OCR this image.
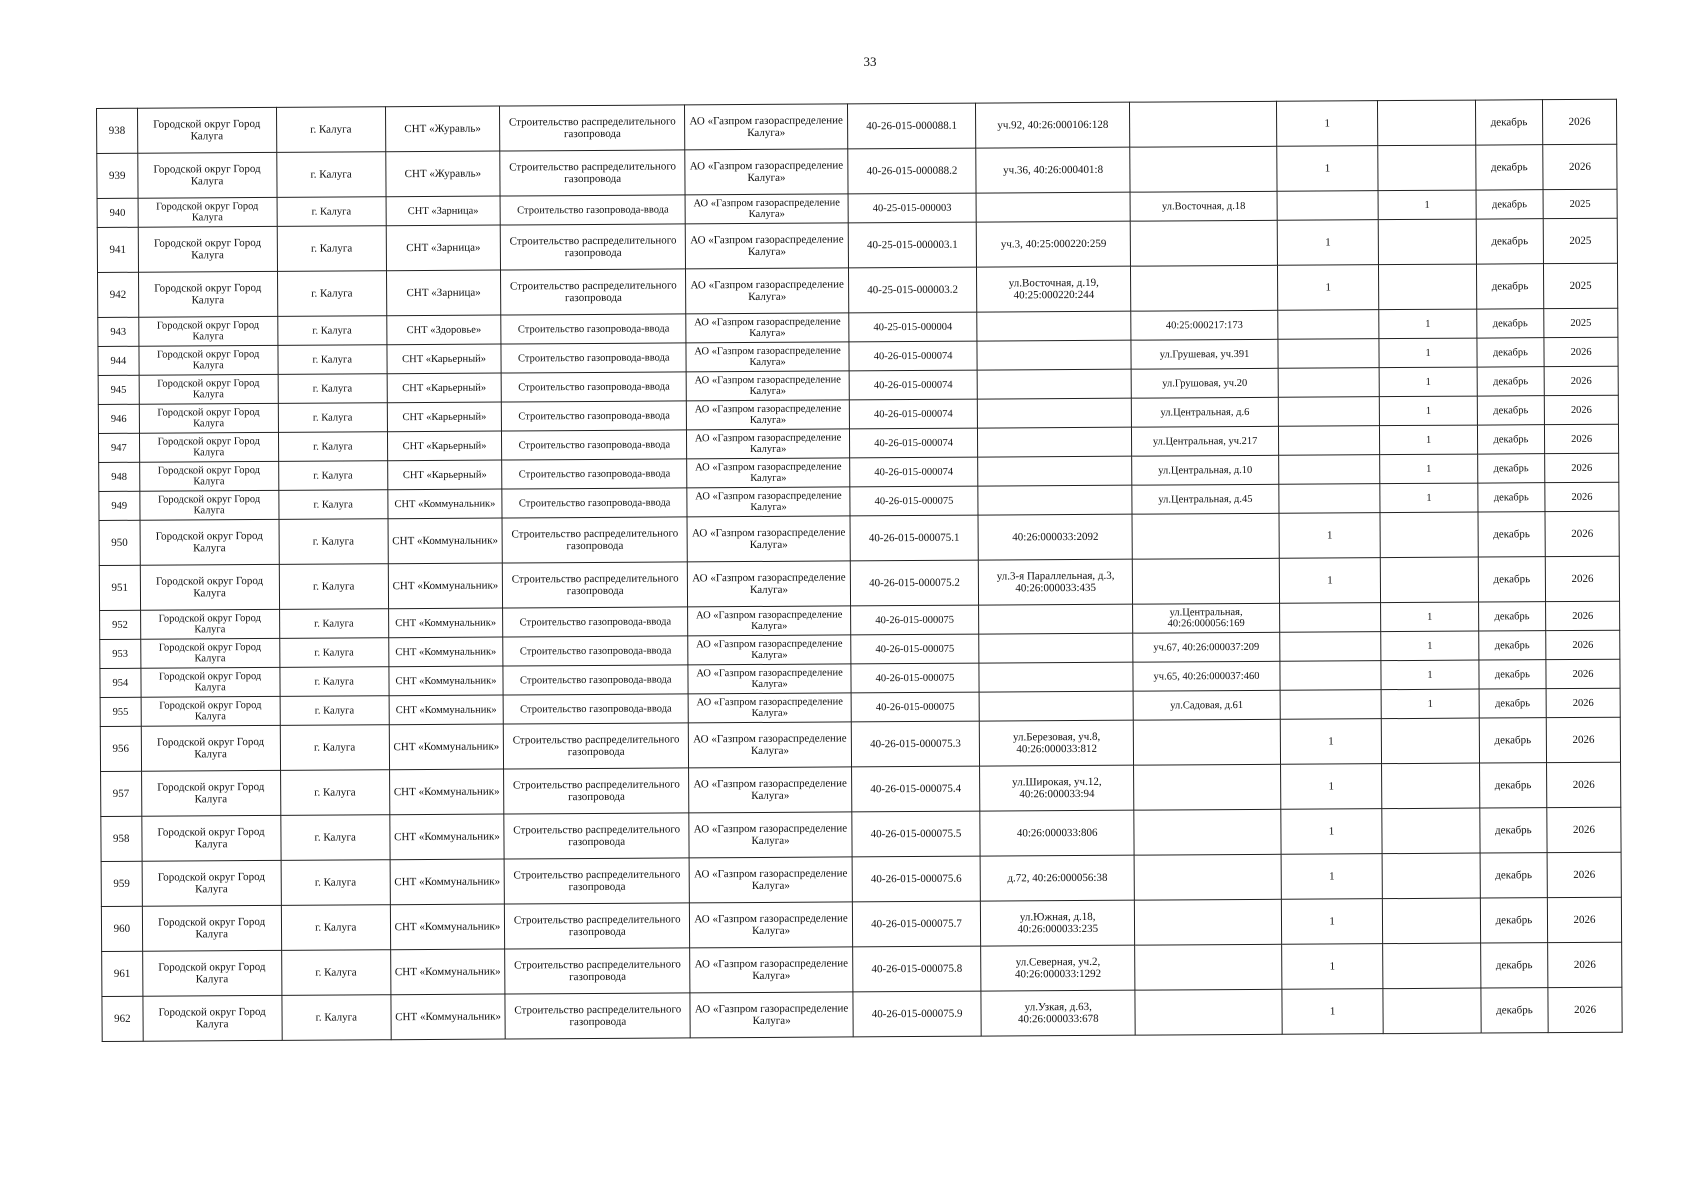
33
938	Городской округ Город Калуга	г. Калуга	СНТ «Журавль»	Строительство распределительного газопровода	АО «Газпром газораспределение Калуга»	40-26-015-000088.1	уч.92, 40:26:000106:128		1		декабрь	2026
939	Городской округ Город Калуга	г. Калуга	СНТ «Журавль»	Строительство распределительного газопровода	АО «Газпром газораспределение Калуга»	40-26-015-000088.2	уч.36, 40:26:000401:8		1		декабрь	2026
940	Городской округ Город Калуга	г. Калуга	СНТ «Зарница»	Строительство газопровода-ввода	АО «Газпром газораспределение Калуга»	40-25-015-000003		ул.Восточная, д.18		1	декабрь	2025
941	Городской округ Город Калуга	г. Калуга	СНТ «Зарница»	Строительство распределительного газопровода	АО «Газпром газораспределение Калуга»	40-25-015-000003.1	уч.3, 40:25:000220:259		1		декабрь	2025
942	Городской округ Город Калуга	г. Калуга	СНТ «Зарница»	Строительство распределительного газопровода	АО «Газпром газораспределение Калуга»	40-25-015-000003.2	ул.Восточная, д.19, 40:25:000220:244		1		декабрь	2025
943	Городской округ Город Калуга	г. Калуга	СНТ «Здоровье»	Строительство газопровода-ввода	АО «Газпром газораспределение Калуга»	40-25-015-000004		40:25:000217:173		1	декабрь	2025
944	Городской округ Город Калуга	г. Калуга	СНТ «Карьерный»	Строительство газопровода-ввода	АО «Газпром газораспределение Калуга»	40-26-015-000074		ул.Грушевая, уч.391		1	декабрь	2026
945	Городской округ Город Калуга	г. Калуга	СНТ «Карьерный»	Строительство газопровода-ввода	АО «Газпром газораспределение Калуга»	40-26-015-000074		ул.Грушовая, уч.20		1	декабрь	2026
946	Городской округ Город Калуга	г. Калуга	СНТ «Карьерный»	Строительство газопровода-ввода	АО «Газпром газораспределение Калуга»	40-26-015-000074		ул.Центральная, д.6		1	декабрь	2026
947	Городской округ Город Калуга	г. Калуга	СНТ «Карьерный»	Строительство газопровода-ввода	АО «Газпром газораспределение Калуга»	40-26-015-000074		ул.Центральная, уч.217		1	декабрь	2026
948	Городской округ Город Калуга	г. Калуга	СНТ «Карьерный»	Строительство газопровода-ввода	АО «Газпром газораспределение Калуга»	40-26-015-000074		ул.Центральная, д.10		1	декабрь	2026
949	Городской округ Город Калуга	г. Калуга	СНТ «Коммунальник»	Строительство газопровода-ввода	АО «Газпром газораспределение Калуга»	40-26-015-000075		ул.Центральная, д.45		1	декабрь	2026
950	Городской округ Город Калуга	г. Калуга	СНТ «Коммунальник»	Строительство распределительного газопровода	АО «Газпром газораспределение Калуга»	40-26-015-000075.1	40:26:000033:2092		1		декабрь	2026
951	Городской округ Город Калуга	г. Калуга	СНТ «Коммунальник»	Строительство распределительного газопровода	АО «Газпром газораспределение Калуга»	40-26-015-000075.2	ул.3-я Параллельная, д.3, 40:26:000033:435		1		декабрь	2026
952	Городской округ Город Калуга	г. Калуга	СНТ «Коммунальник»	Строительство газопровода-ввода	АО «Газпром газораспределение Калуга»	40-26-015-000075		ул.Центральная, 40:26:000056:169		1	декабрь	2026
953	Городской округ Город Калуга	г. Калуга	СНТ «Коммунальник»	Строительство газопровода-ввода	АО «Газпром газораспределение Калуга»	40-26-015-000075		уч.67, 40:26:000037:209		1	декабрь	2026
954	Городской округ Город Калуга	г. Калуга	СНТ «Коммунальник»	Строительство газопровода-ввода	АО «Газпром газораспределение Калуга»	40-26-015-000075		уч.65, 40:26:000037:460		1	декабрь	2026
955	Городской округ Город Калуга	г. Калуга	СНТ «Коммунальник»	Строительство газопровода-ввода	АО «Газпром газораспределение Калуга»	40-26-015-000075		ул.Садовая, д.61		1	декабрь	2026
956	Городской округ Город Калуга	г. Калуга	СНТ «Коммунальник»	Строительство распределительного газопровода	АО «Газпром газораспределение Калуга»	40-26-015-000075.3	ул.Березовая, уч.8, 40:26:000033:812		1		декабрь	2026
957	Городской округ Город Калуга	г. Калуга	СНТ «Коммунальник»	Строительство распределительного газопровода	АО «Газпром газораспределение Калуга»	40-26-015-000075.4	ул.Широкая, уч.12, 40:26:000033:94		1		декабрь	2026
958	Городской округ Город Калуга	г. Калуга	СНТ «Коммунальник»	Строительство распределительного газопровода	АО «Газпром газораспределение Калуга»	40-26-015-000075.5	40:26:000033:806		1		декабрь	2026
959	Городской округ Город Калуга	г. Калуга	СНТ «Коммунальник»	Строительство распределительного газопровода	АО «Газпром газораспределение Калуга»	40-26-015-000075.6	д.72, 40:26:000056:38		1		декабрь	2026
960	Городской округ Город Калуга	г. Калуга	СНТ «Коммунальник»	Строительство распределительного газопровода	АО «Газпром газораспределение Калуга»	40-26-015-000075.7	ул.Южная, д.18, 40:26:000033:235		1		декабрь	2026
961	Городской округ Город Калуга	г. Калуга	СНТ «Коммунальник»	Строительство распределительного газопровода	АО «Газпром газораспределение Калуга»	40-26-015-000075.8	ул.Северная, уч.2, 40:26:000033:1292		1		декабрь	2026
962	Городской округ Город Калуга	г. Калуга	СНТ «Коммунальник»	Строительство распределительного газопровода	АО «Газпром газораспределение Калуга»	40-26-015-000075.9	ул.Узкая, д.63, 40:26:000033:678		1		декабрь	2026
